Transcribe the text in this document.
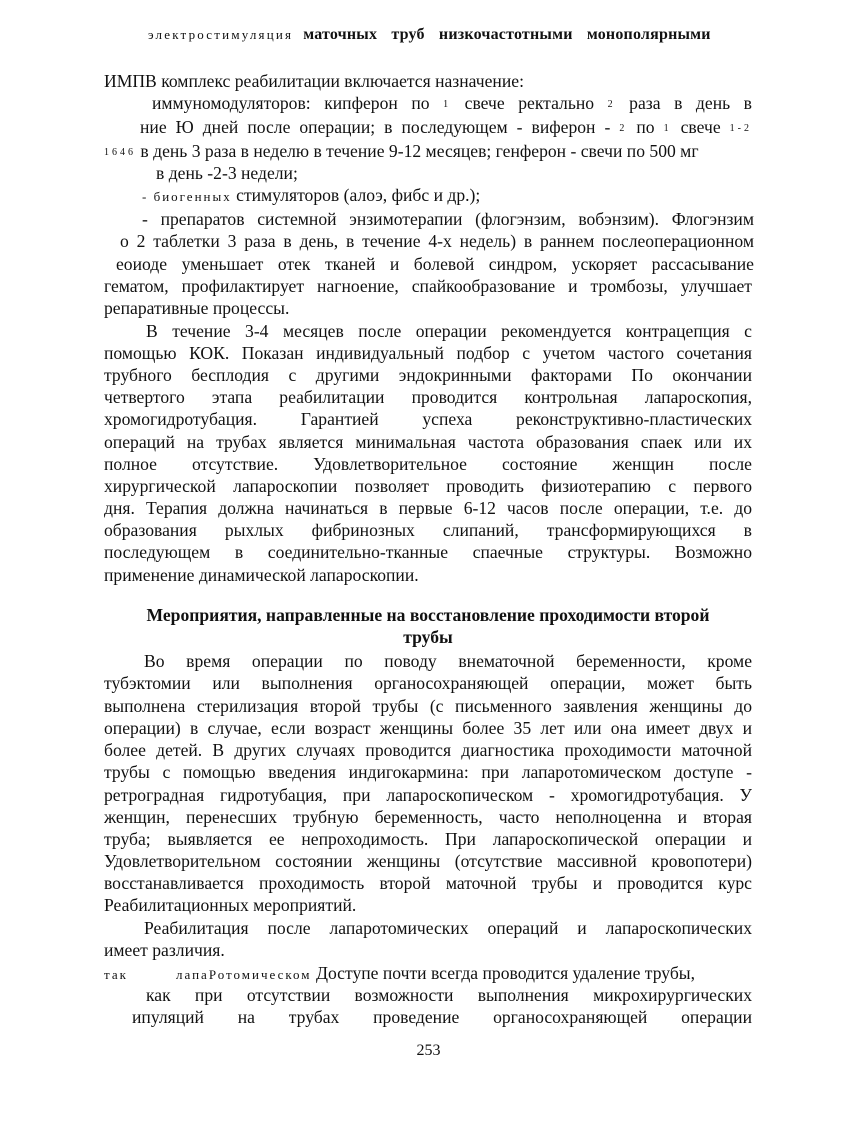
электростимуляция маточных труб низкочастотными монополярными
ИМПВ комплекс реабилитации включается назначение:
иммуномодуляторов: кипферон по 1 свече ректально 2 раза в день в
ние Ю дней после операции; в последующем - виферон - 2 по 1 свече 1-2
1646 в день 3 раза в неделю в течение 9-12 месяцев; генферон - свечи по 500 мг
в день -2-3 недели;
- биогенных стимуляторов (алоэ, фибс и др.);
- препаратов системной энзимотерапии (флогэнзим, вобэнзим). Флогэнзим
о 2 таблетки 3 раза в день, в течение 4-х недель) в раннем послеоперационном
еоиоде уменьшает отек тканей и болевой синдром, ускоряет рассасывание
гематом, профилактирует нагноение, спайкообразование и тромбозы, улучшает
репаративные процессы.
В течение 3-4 месяцев после операции рекомендуется контрацепция с
помощью КОК. Показан индивидуальный подбор с учетом частого сочетания
трубного бесплодия с другими эндокринными факторами По окончании
четвертого этапа реабилитации проводится контрольная лапароскопия,
хромогидротубация. Гарантией успеха реконструктивно-пластических
операций на трубах является минимальная частота образования спаек или их
полное отсутствие. Удовлетворительное состояние женщин после
хирургической лапароскопии позволяет проводить физиотерапию с первого
дня. Терапия должна начинаться в первые 6-12 часов после операции, т.е. до
образования рыхлых фибринозных слипаний, трансформирующихся в
последующем в соединительно-тканные спаечные структуры. Возможно
применение динамической лапароскопии.
Мероприятия, направленные на восстановление проходимости второй
трубы
Во время операции по поводу внематочной беременности, кроме
тубэктомии или выполнения органосохраняющей операции, может быть
выполнена стерилизация второй трубы (с письменного заявления женщины до
операции) в случае, если возраст женщины более 35 лет или она имеет двух и
более детей. В других случаях проводится диагностика проходимости маточной
трубы с помощью введения индигокармина: при лапаротомическом доступе -
ретроградная гидротубация, при лапароскопическом - хромогидротубация. У
женщин, перенесших трубную беременность, часто неполноценна и вторая
труба; выявляется ее непроходимость. При лапароскопической операции и
Удовлетворительном состоянии женщины (отсутствие массивной кровопотери)
восстанавливается проходимость второй маточной трубы и проводится курс
Реабилитационных мероприятий.
Реабилитация после лапаротомических операций и лапароскопических
имеет различия.
так	лапаРотомическом Доступе почти всегда проводится удаление трубы,
как при отсутствии возможности выполнения микрохирургических
ипуляций на трубах проведение органосохраняющей операции
253
